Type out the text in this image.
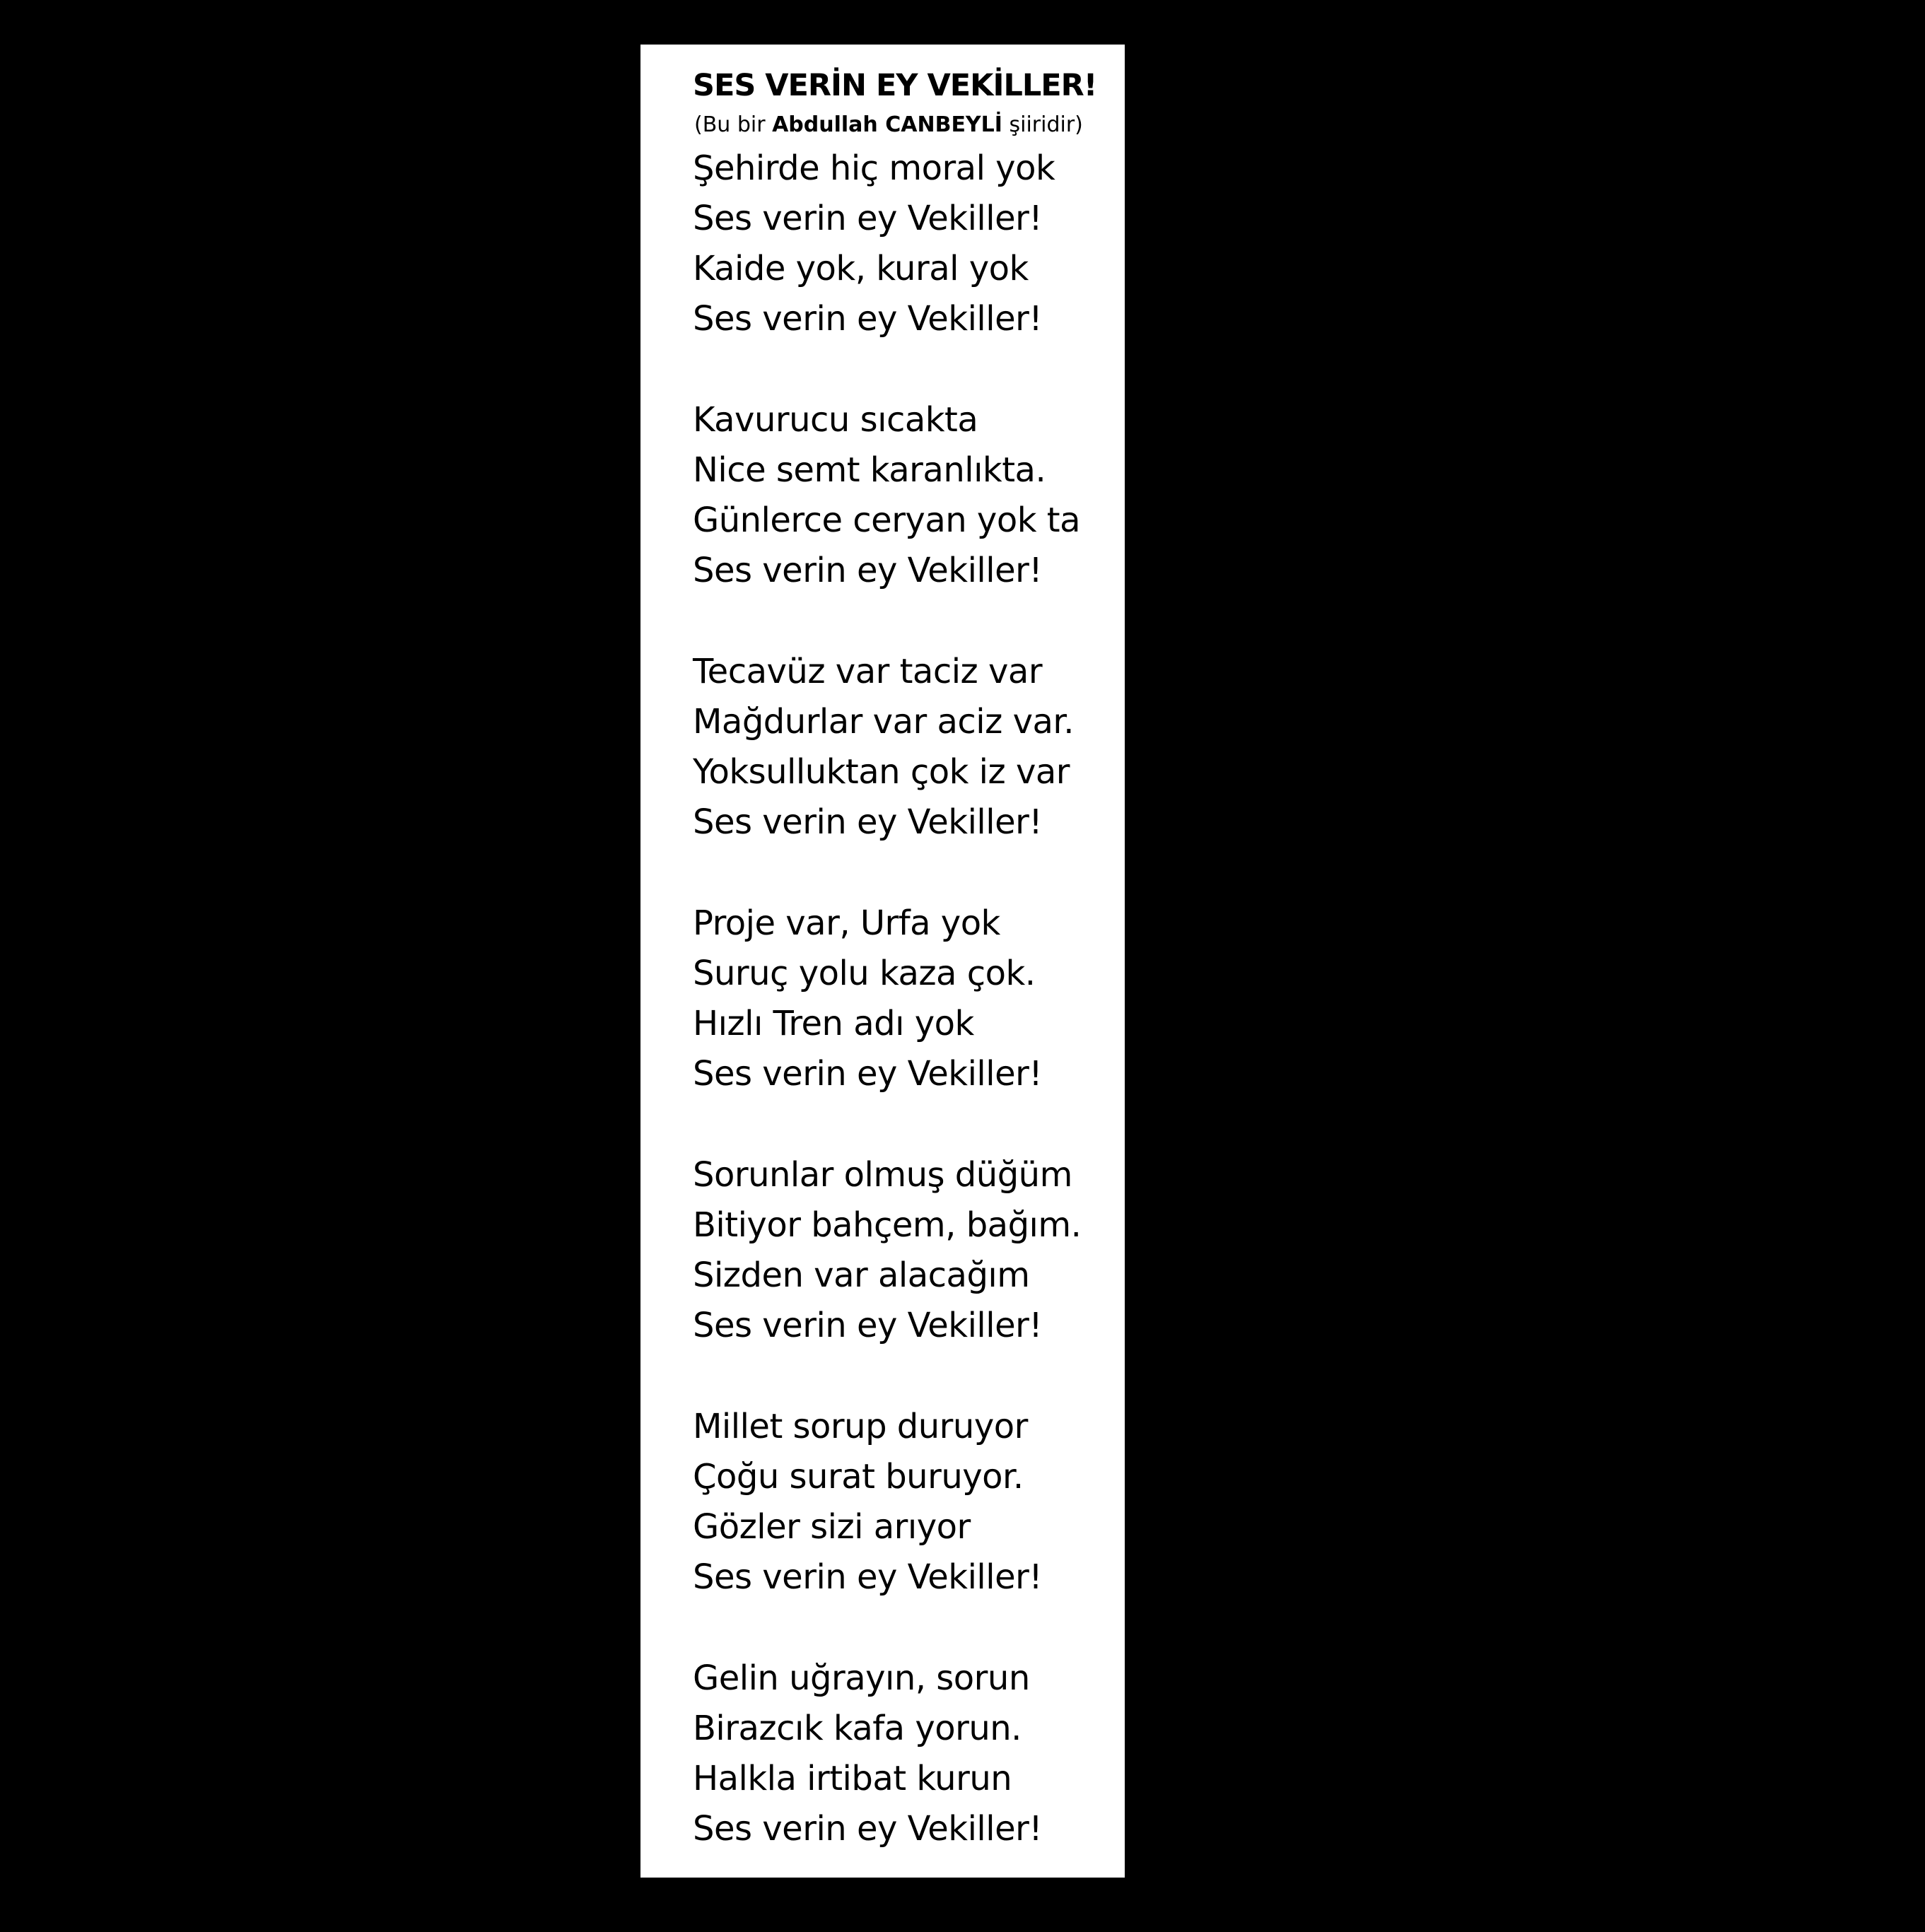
SES VERİN EY VEKİLLER!
(Bu bir Abdullah CANBEYLİ şiiridir)
Şehirde hiç moral yok
Ses verin ey Vekiller!
Kaide yok, kural yok
Ses verin ey Vekiller!
Kavurucu sıcakta
Nice semt karanlıkta.
Günlerce ceryan yok ta
Ses verin ey Vekiller!
Tecavüz var taciz var
Mağdurlar var aciz var.
Yoksulluktan çok iz var
Ses verin ey Vekiller!
Proje var, Urfa yok
Suruç yolu kaza çok.
Hızlı Tren adı yok
Ses verin ey Vekiller!
Sorunlar olmuş düğüm
Bitiyor bahçem, bağım.
Sizden var alacağım
Ses verin ey Vekiller!
Millet sorup duruyor
Çoğu surat buruyor.
Gözler sizi arıyor
Ses verin ey Vekiller!
Gelin uğrayın, sorun
Birazcık kafa yorun.
Halkla irtibat kurun
Ses verin ey Vekiller!
